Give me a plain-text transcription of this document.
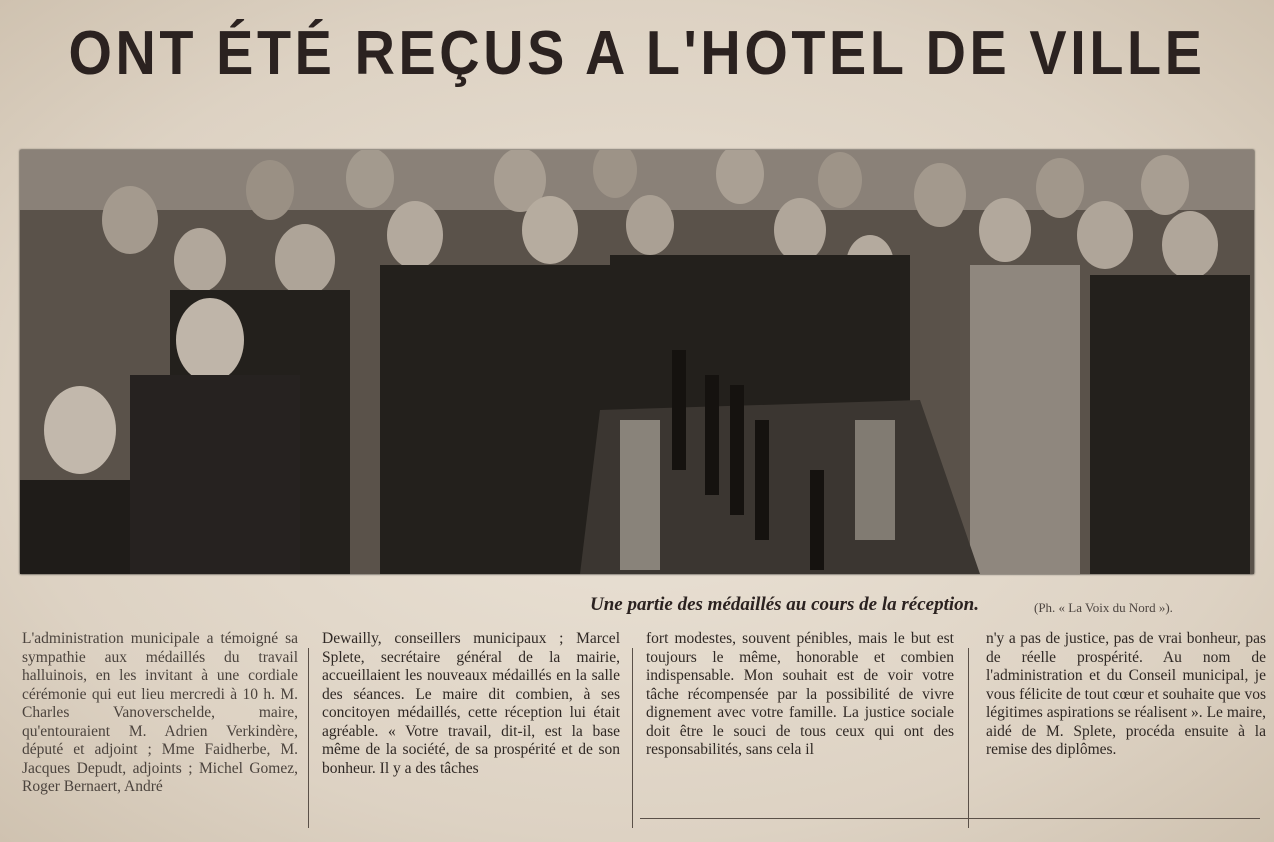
ONT ÉTÉ REÇUS A L'HOTEL DE VILLE
Une partie des médaillés au cours de la réception.	(Ph. « La Voix du Nord »).

L'administration municipale a témoigné sa sympathie aux médaillés du travail halluinois, en les invitant à une cordiale cérémonie qui eut lieu mercredi à 10 h. M. Charles Vanoverschelde, maire, qu'entouraient M. Adrien Verkindère, député et adjoint ; Mme Faidherbe, M. Jacques Depudt, adjoints ; Michel Gomez, Roger Bernaert, André

Dewailly, conseillers municipaux ; Marcel Splete, secrétaire général de la mairie, accueillaient les nouveaux médaillés en la salle des séances. Le maire dit combien, à ses concitoyen médaillés, cette réception lui était agréable. « Votre travail, dit-il, est la base même de la société, de sa prospérité et de son bonheur. Il y a des tâches

fort modestes, souvent pénibles, mais le but est toujours le même, honorable et combien indispensable. Mon souhait est de voir votre tâche récompensée par la possibilité de vivre dignement avec votre famille. La justice sociale doit être le souci de tous ceux qui ont des responsabilités, sans cela il

n'y a pas de justice, pas de vrai bonheur, pas de réelle prospérité. Au nom de l'administration et du Conseil municipal, je vous félicite de tout cœur et souhaite que vos légitimes aspirations se réalisent ». Le maire, aidé de M. Splete, procéda ensuite à la remise des diplômes.
